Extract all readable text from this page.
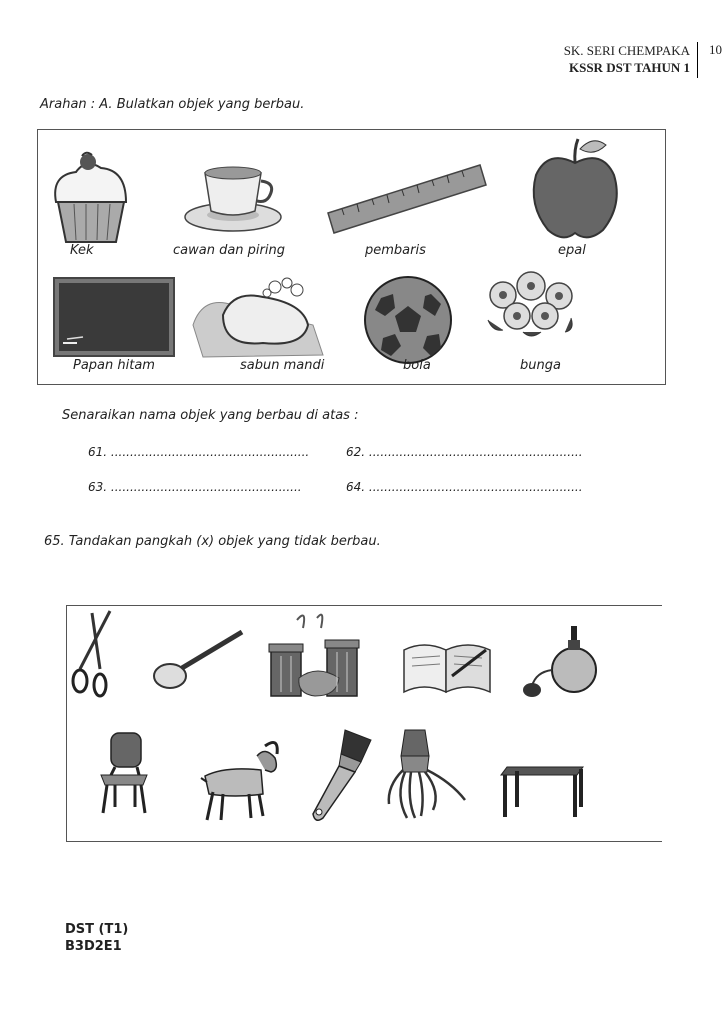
SK. SERI CHEMPAKA
KSSR DST TAHUN 1
10
Arahan : A. Bulatkan objek yang berbau.
Kek	cawan dan piring	pembaris	epal
Papan hitam	sabun mandi	bola	bunga
Senaraikan nama objek yang berbau di atas :
61. ....................................................	62. ........................................................
63. ..................................................	64. ........................................................
65. Tandakan pangkah (x) objek yang tidak berbau.
DST (T1)
B3D2E1
